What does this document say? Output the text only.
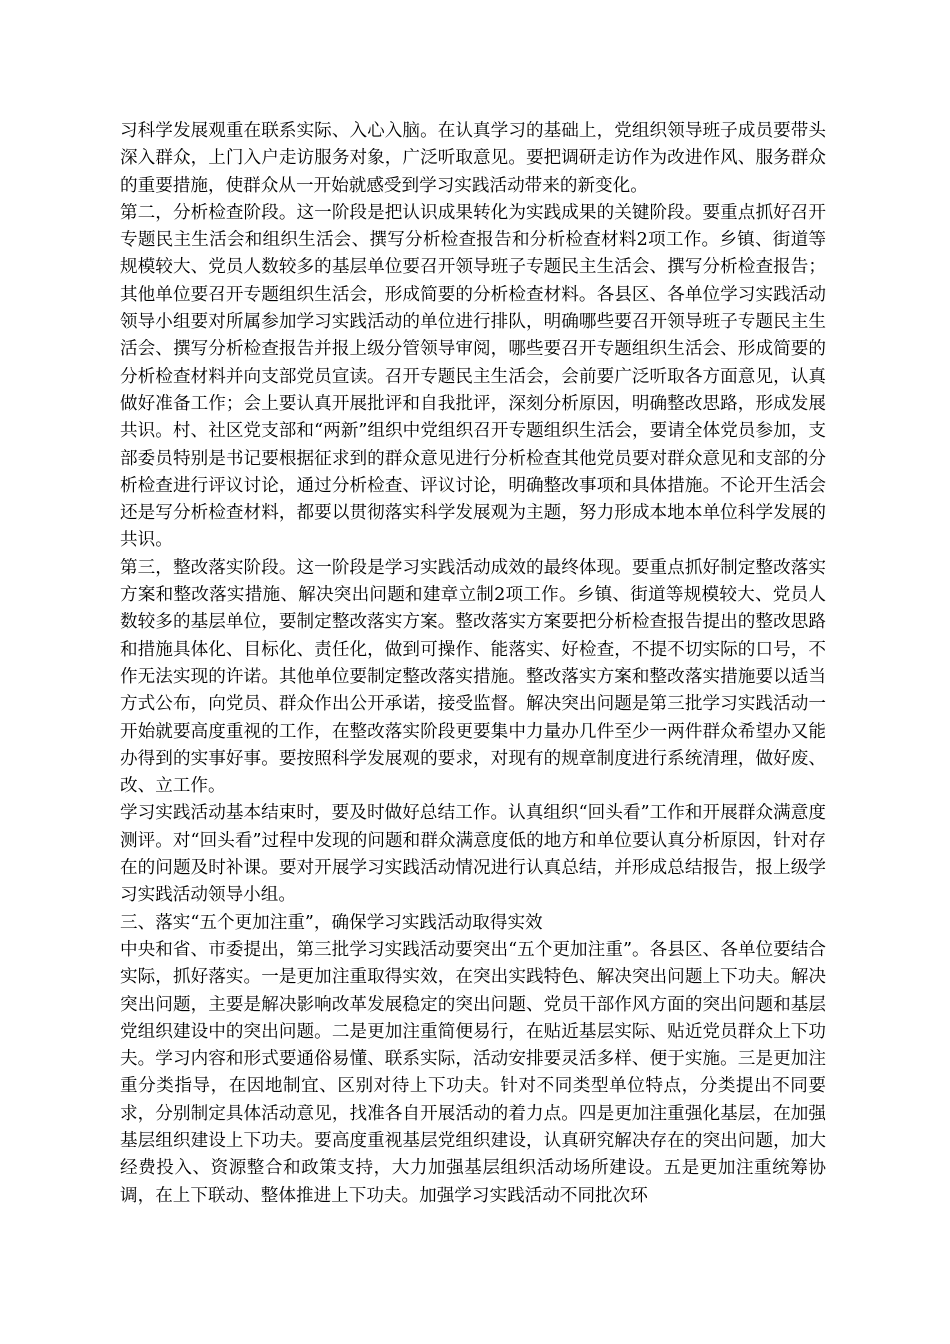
习科学发展观重在联系实际、入心入脑。在认真学习的基础上，党组织领导班子成员要带头深入群众，上门入户走访服务对象，广泛听取意见。要把调研走访作为改进作风、服务群众的重要措施，使群众从一开始就感受到学习实践活动带来的新变化。

第二，分析检查阶段。这一阶段是把认识成果转化为实践成果的关键阶段。要重点抓好召开专题民主生活会和组织生活会、撰写分析检查报告和分析检查材料2项工作。乡镇、街道等规模较大、党员人数较多的基层单位要召开领导班子专题民主生活会、撰写分析检查报告；其他单位要召开专题组织生活会，形成简要的分析检查材料。各县区、各单位学习实践活动领导小组要对所属参加学习实践活动的单位进行排队，明确哪些要召开领导班子专题民主生活会、撰写分析检查报告并报上级分管领导审阅，哪些要召开专题组织生活会、形成简要的分析检查材料并向支部党员宣读。召开专题民主生活会，会前要广泛听取各方面意见，认真做好准备工作；会上要认真开展批评和自我批评，深刻分析原因，明确整改思路，形成发展共识。村、社区党支部和“两新”组织中党组织召开专题组织生活会，要请全体党员参加，支部委员特别是书记要根据征求到的群众意见进行分析检查其他党员要对群众意见和支部的分析检查进行评议讨论，通过分析检查、评议讨论，明确整改事项和具体措施。不论开生活会还是写分析检查材料，都要以贯彻落实科学发展观为主题，努力形成本地本单位科学发展的共识。

第三，整改落实阶段。这一阶段是学习实践活动成效的最终体现。要重点抓好制定整改落实方案和整改落实措施、解决突出问题和建章立制2项工作。乡镇、街道等规模较大、党员人数较多的基层单位，要制定整改落实方案。整改落实方案要把分析检查报告提出的整改思路和措施具体化、目标化、责任化，做到可操作、能落实、好检查，不提不切实际的口号，不作无法实现的许诺。其他单位要制定整改落实措施。整改落实方案和整改落实措施要以适当方式公布，向党员、群众作出公开承诺，接受监督。解决突出问题是第三批学习实践活动一开始就要高度重视的工作，在整改落实阶段更要集中力量办几件至少一两件群众希望办又能办得到的实事好事。要按照科学发展观的要求，对现有的规章制度进行系统清理，做好废、改、立工作。

学习实践活动基本结束时，要及时做好总结工作。认真组织“回头看”工作和开展群众满意度测评。对“回头看”过程中发现的问题和群众满意度低的地方和单位要认真分析原因，针对存在的问题及时补课。要对开展学习实践活动情况进行认真总结，并形成总结报告，报上级学习实践活动领导小组。

三、落实“五个更加注重”，确保学习实践活动取得实效

中央和省、市委提出，第三批学习实践活动要突出“五个更加注重”。各县区、各单位要结合实际，抓好落实。一是更加注重取得实效，在突出实践特色、解决突出问题上下功夫。解决突出问题，主要是解决影响改革发展稳定的突出问题、党员干部作风方面的突出问题和基层党组织建设中的突出问题。二是更加注重简便易行，在贴近基层实际、贴近党员群众上下功夫。学习内容和形式要通俗易懂、联系实际，活动安排要灵活多样、便于实施。三是更加注重分类指导，在因地制宜、区别对待上下功夫。针对不同类型单位特点，分类提出不同要求，分别制定具体活动意见，找准各自开展活动的着力点。四是更加注重强化基层，在加强基层组织建设上下功夫。要高度重视基层党组织建设，认真研究解决存在的突出问题，加大经费投入、资源整合和政策支持，大力加强基层组织活动场所建设。五是更加注重统筹协调，在上下联动、整体推进上下功夫。加强学习实践活动不同批次环
